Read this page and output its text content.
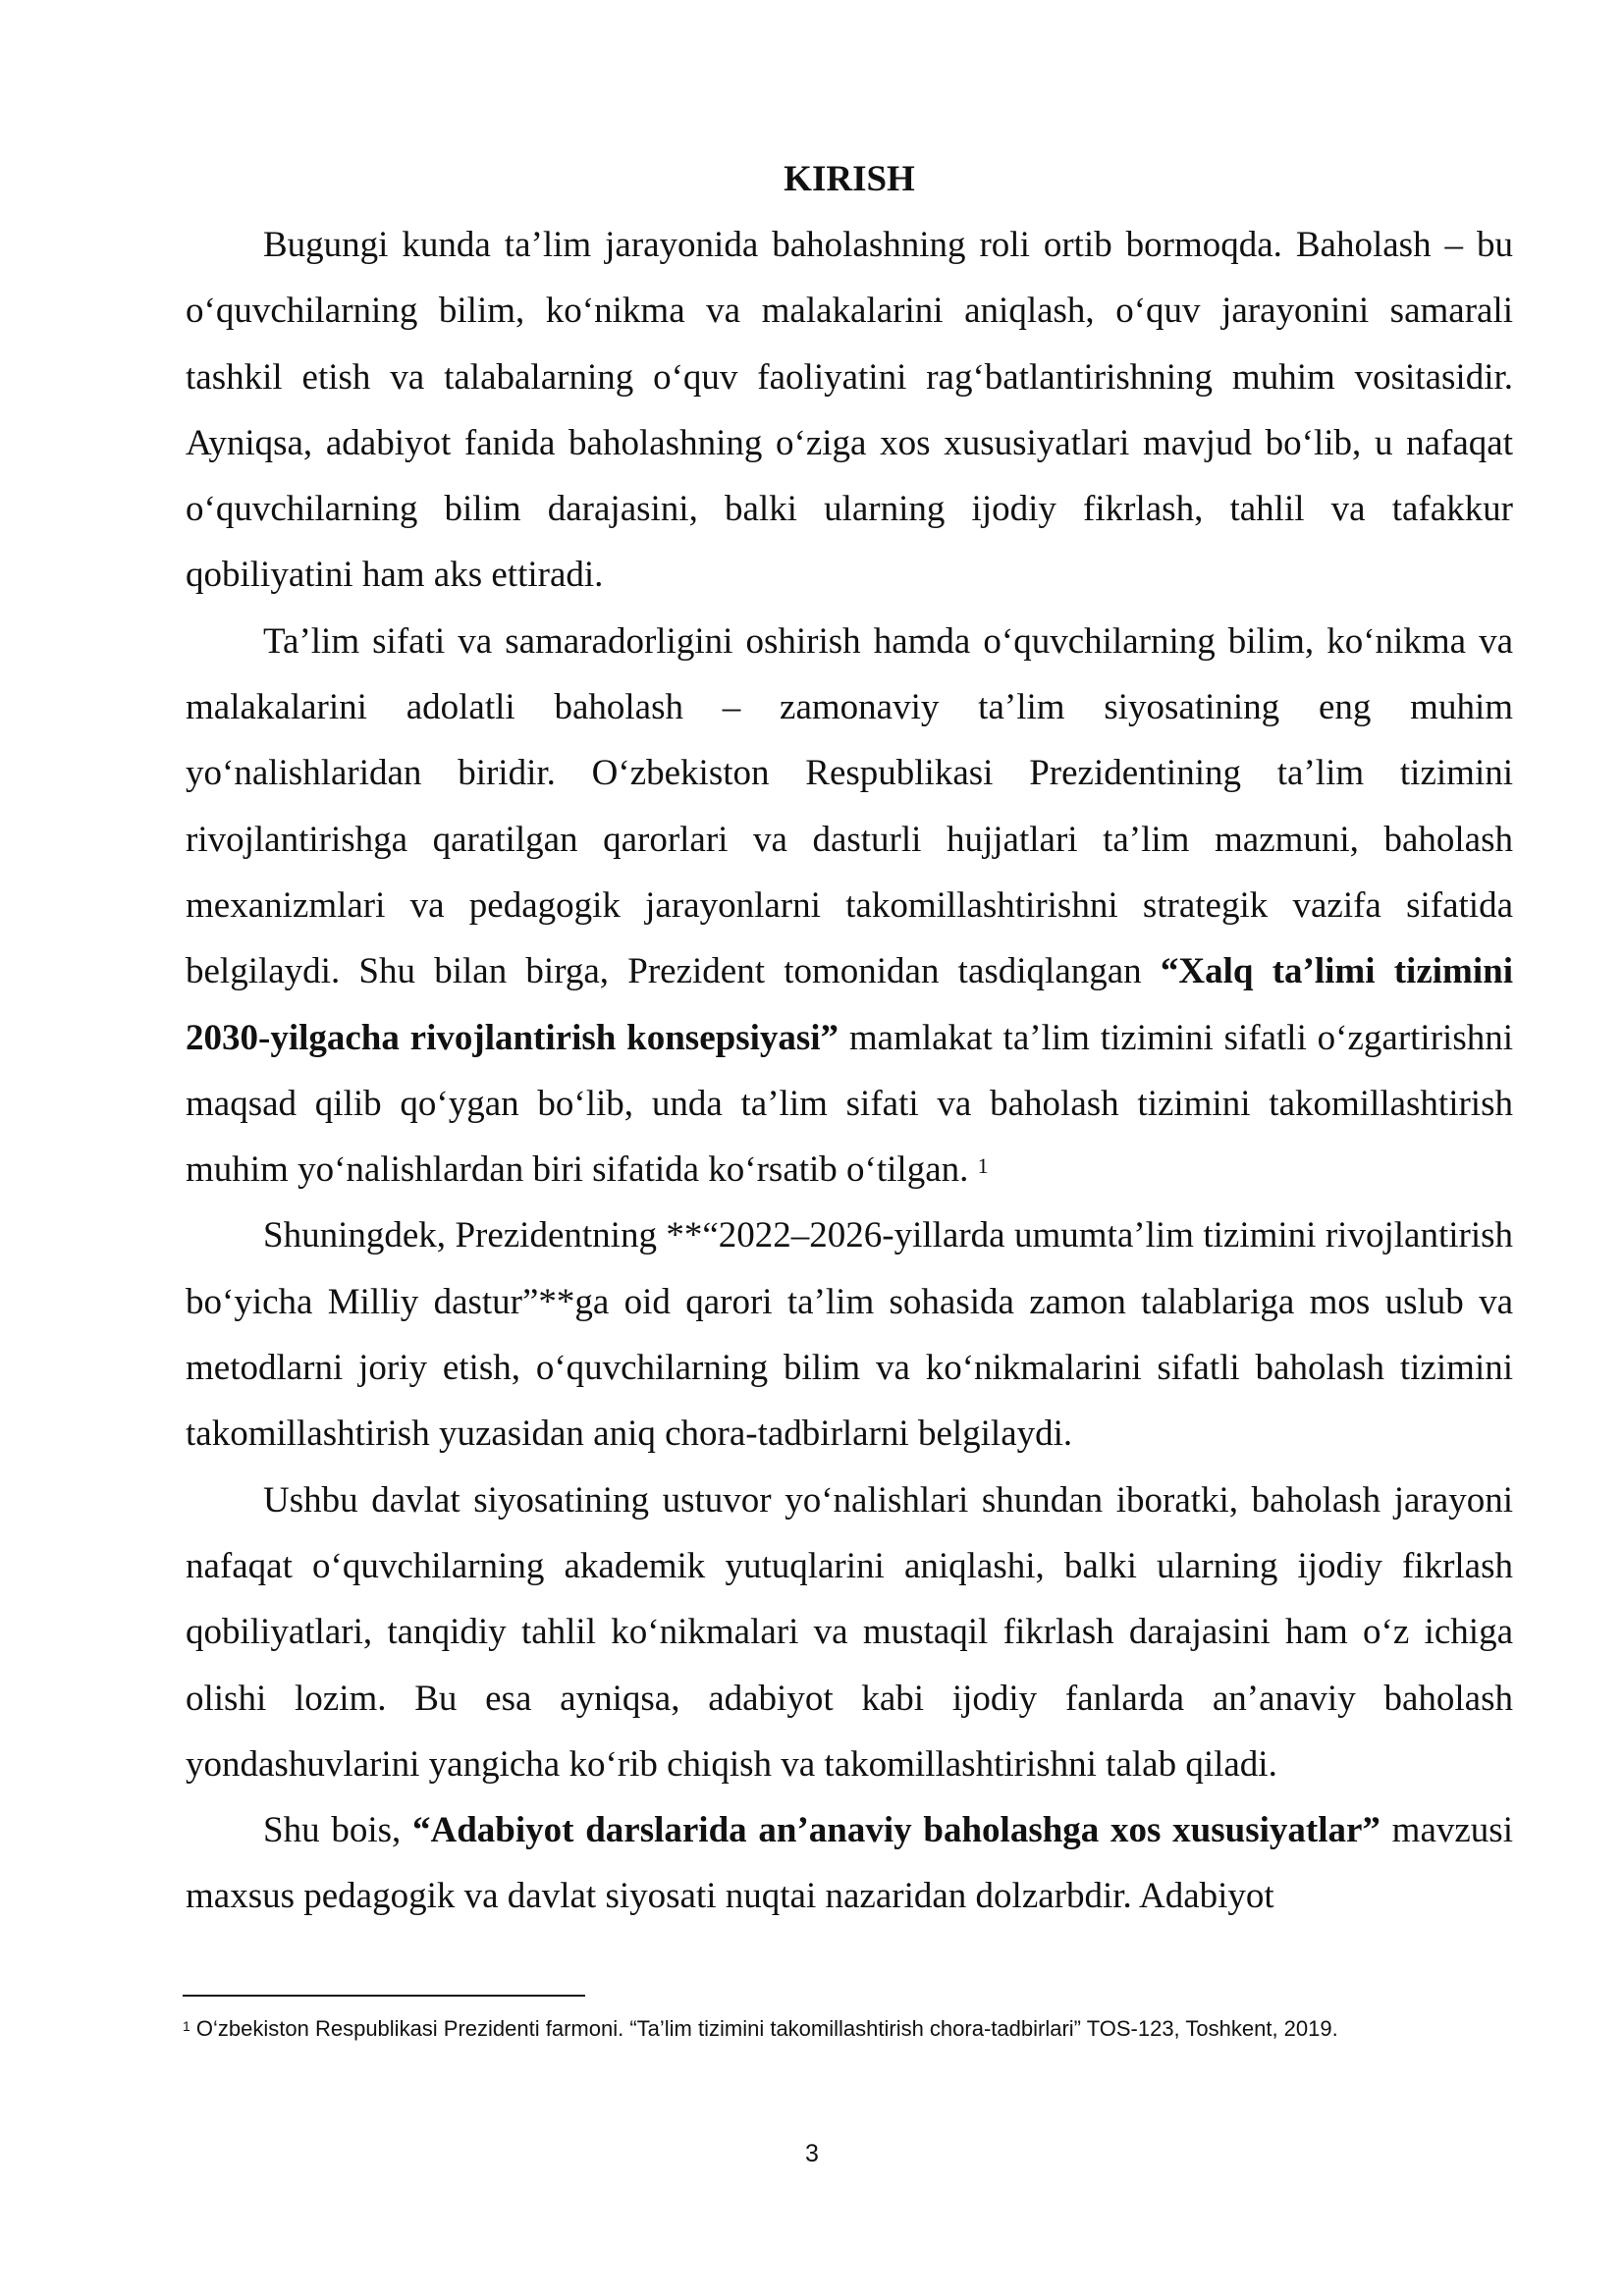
KIRISH

Bugungi kunda ta’lim jarayonida baholashning roli ortib bormoqda. Baholash – bu o‘quvchilarning bilim, ko‘nikma va malakalarini aniqlash, o‘quv jarayonini samarali tashkil etish va talabalarning o‘quv faoliyatini rag‘batlantirishning muhim vositasidir. Ayniqsa, adabiyot fanida baholashning o‘ziga xos xususiyatlari mavjud bo‘lib, u nafaqat o‘quvchilarning bilim darajasini, balki ularning ijodiy fikrlash, tahlil va tafakkur qobiliyatini ham aks ettiradi.

Ta’lim sifati va samaradorligini oshirish hamda o‘quvchilarning bilim, ko‘nikma va malakalarini adolatli baholash – zamonaviy ta’lim siyosatining eng muhim yo‘nalishlaridan biridir. O‘zbekiston Respublikasi Prezidentining ta’lim tizimini rivojlantirishga qaratilgan qarorlari va dasturli hujjatlari ta’lim mazmuni, baholash mexanizmlari va pedagogik jarayonlarni takomillashtirishni strategik vazifa sifatida belgilaydi. Shu bilan birga, Prezident tomonidan tasdiqlangan “Xalq ta’limi tizimini 2030-yilgacha rivojlantirish konsepsiyasi” mamlakat ta’lim tizimini sifatli o‘zgartirishni maqsad qilib qo‘ygan bo‘lib, unda ta’lim sifati va baholash tizimini takomillashtirish muhim yo‘nalishlardan biri sifatida ko‘rsatib o‘tilgan. $^1$

Shuningdek, Prezidentning **“2022–2026-yillarda umumta’lim tizimini rivojlantirish bo‘yicha Milliy dastur”**ga oid qarori ta’lim sohasida zamon talablariga mos uslub va metodlarni joriy etish, o‘quvchilarning bilim va ko‘nikmalarini sifatli baholash tizimini takomillashtirish yuzasidan aniq chora-tadbirlarni belgilaydi.

Ushbu davlat siyosatining ustuvor yo‘nalishlari shundan iboratki, baholash jarayoni nafaqat o‘quvchilarning akademik yutuqlarini aniqlashi, balki ularning ijodiy fikrlash qobiliyatlari, tanqidiy tahlil ko‘nikmalari va mustaqil fikrlash darajasini ham o‘z ichiga olishi lozim. Bu esa ayniqsa, adabiyot kabi ijodiy fanlarda an’anaviy baholash yondashuvlarini yangicha ko‘rib chiqish va takomillashtirishni talab qiladi.

Shu bois, “Adabiyot darslarida an’anaviy baholashga xos xususiyatlar” mavzusi maxsus pedagogik va davlat siyosati nuqtai nazaridan dolzarbdir. Adabiyot

$^1$ O‘zbekiston Respublikasi Prezidenti farmoni. “Ta’lim tizimini takomillashtirish chora-tadbirlari” TOS-123, Toshkent, 2019.
3
